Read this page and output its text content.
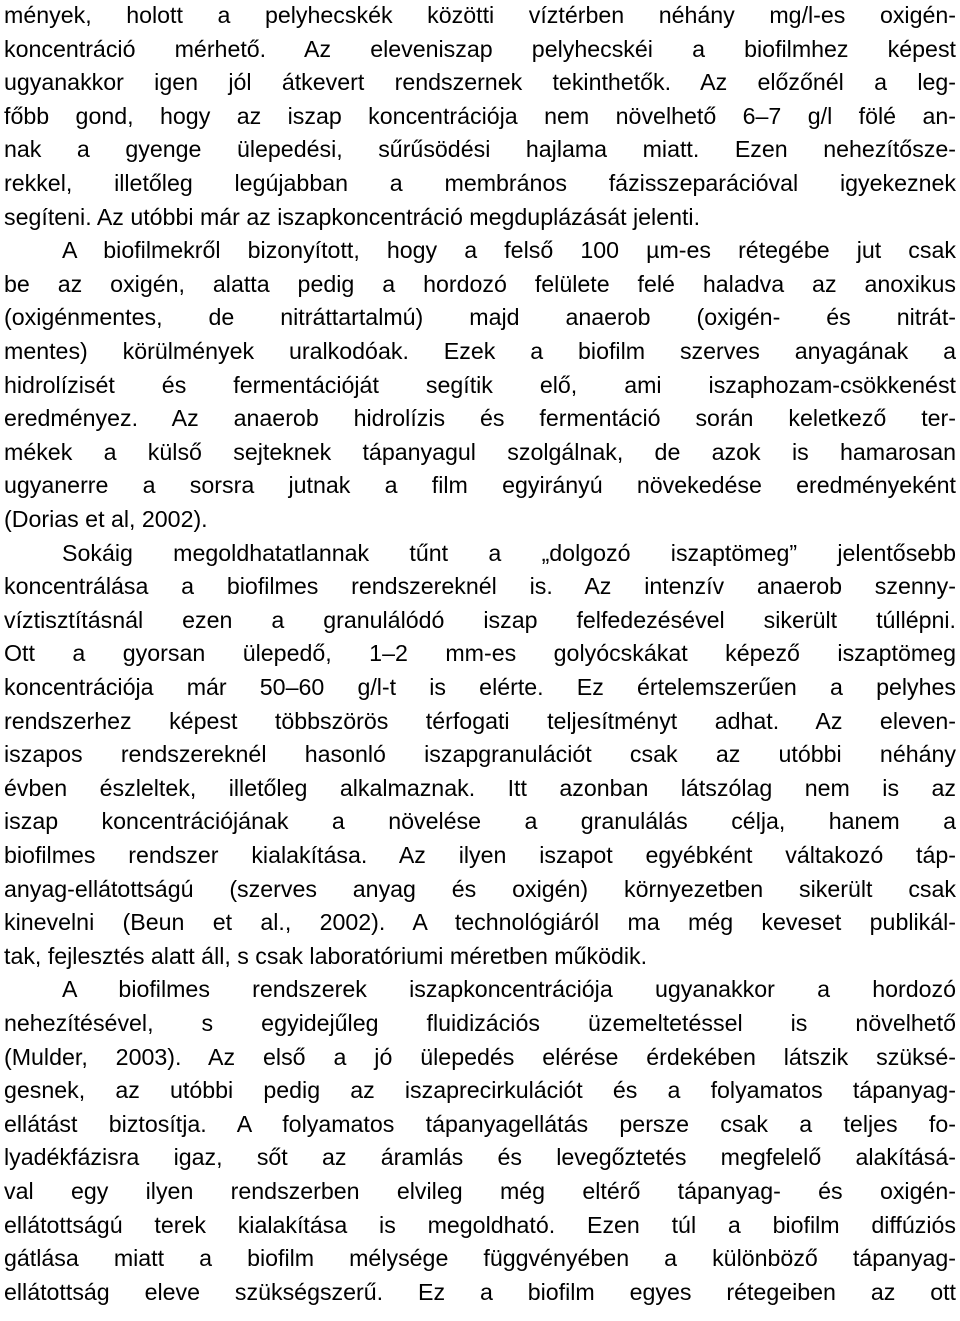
mények, holott a pelyhecskék közötti víztérben néhány mg/l-es oxigén-
koncentráció mérhető. Az eleveniszap pelyhecskéi a biofilmhez képest
ugyanakkor igen jól átkevert rendszernek tekinthetők. Az előzőnél a leg-
főbb gond, hogy az iszap koncentrációja nem növelhető 6–7 g/l fölé an-
nak a gyenge ülepedési, sűrűsödési hajlama miatt. Ezen nehezítősze-
rekkel, illetőleg legújabban a membrános fázisszeparációval igyekeznek
segíteni. Az utóbbi már az iszapkoncentráció megduplázását jelenti.
A biofilmekről bizonyított, hogy a felső 100 µm-es rétegébe jut csak
be az oxigén, alatta pedig a hordozó felülete felé haladva az anoxikus
(oxigénmentes, de nitráttartalmú) majd anaerob (oxigén- és nitrát-
mentes) körülmények uralkodóak. Ezek a biofilm szerves anyagának a
hidrolízisét és fermentációját segítik elő, ami iszaphozam-csökkenést
eredményez. Az anaerob hidrolízis és fermentáció során keletkező ter-
mékek a külső sejteknek tápanyagul szolgálnak, de azok is hamarosan
ugyanerre a sorsra jutnak a film egyirányú növekedése eredményeként
(Dorias et al, 2002).
Sokáig megoldhatatlannak tűnt a „dolgozó iszaptömeg” jelentősebb
koncentrálása a biofilmes rendszereknél is. Az intenzív anaerob szenny-
víztisztításnál ezen a granulálódó iszap felfedezésével sikerült túllépni.
Ott a gyorsan ülepedő, 1–2 mm-es golyócskákat képező iszaptömeg
koncentrációja már 50–60 g/l-t is elérte. Ez értelemszerűen a pelyhes
rendszerhez képest többszörös térfogati teljesítményt adhat. Az eleven-
iszapos rendszereknél hasonló iszapgranulációt csak az utóbbi néhány
évben észleltek, illetőleg alkalmaznak. Itt azonban látszólag nem is az
iszap koncentrációjának a növelése a granulálás célja, hanem a
biofilmes rendszer kialakítása. Az ilyen iszapot egyébként váltakozó táp-
anyag-ellátottságú (szerves anyag és oxigén) környezetben sikerült csak
kinevelni (Beun et al., 2002). A technológiáról ma még keveset publikál-
tak, fejlesztés alatt áll, s csak laboratóriumi méretben működik.
A biofilmes rendszerek iszapkoncentrációja ugyanakkor a hordozó
nehezítésével, s egyidejűleg fluidizációs üzemeltetéssel is növelhető
(Mulder, 2003). Az első a jó ülepedés elérése érdekében látszik szüksé-
gesnek, az utóbbi pedig az iszaprecirkulációt és a folyamatos tápanyag-
ellátást biztosítja. A folyamatos tápanyagellátás persze csak a teljes fo-
lyadékfázisra igaz, sőt az áramlás és levegőztetés megfelelő alakításá-
val egy ilyen rendszerben elvileg még eltérő tápanyag- és oxigén-
ellátottságú terek kialakítása is megoldható. Ezen túl a biofilm diffúziós
gátlása miatt a biofilm mélysége függvényében a különböző tápanyag-
ellátottság eleve szükségszerű. Ez a biofilm egyes rétegeiben az ott
